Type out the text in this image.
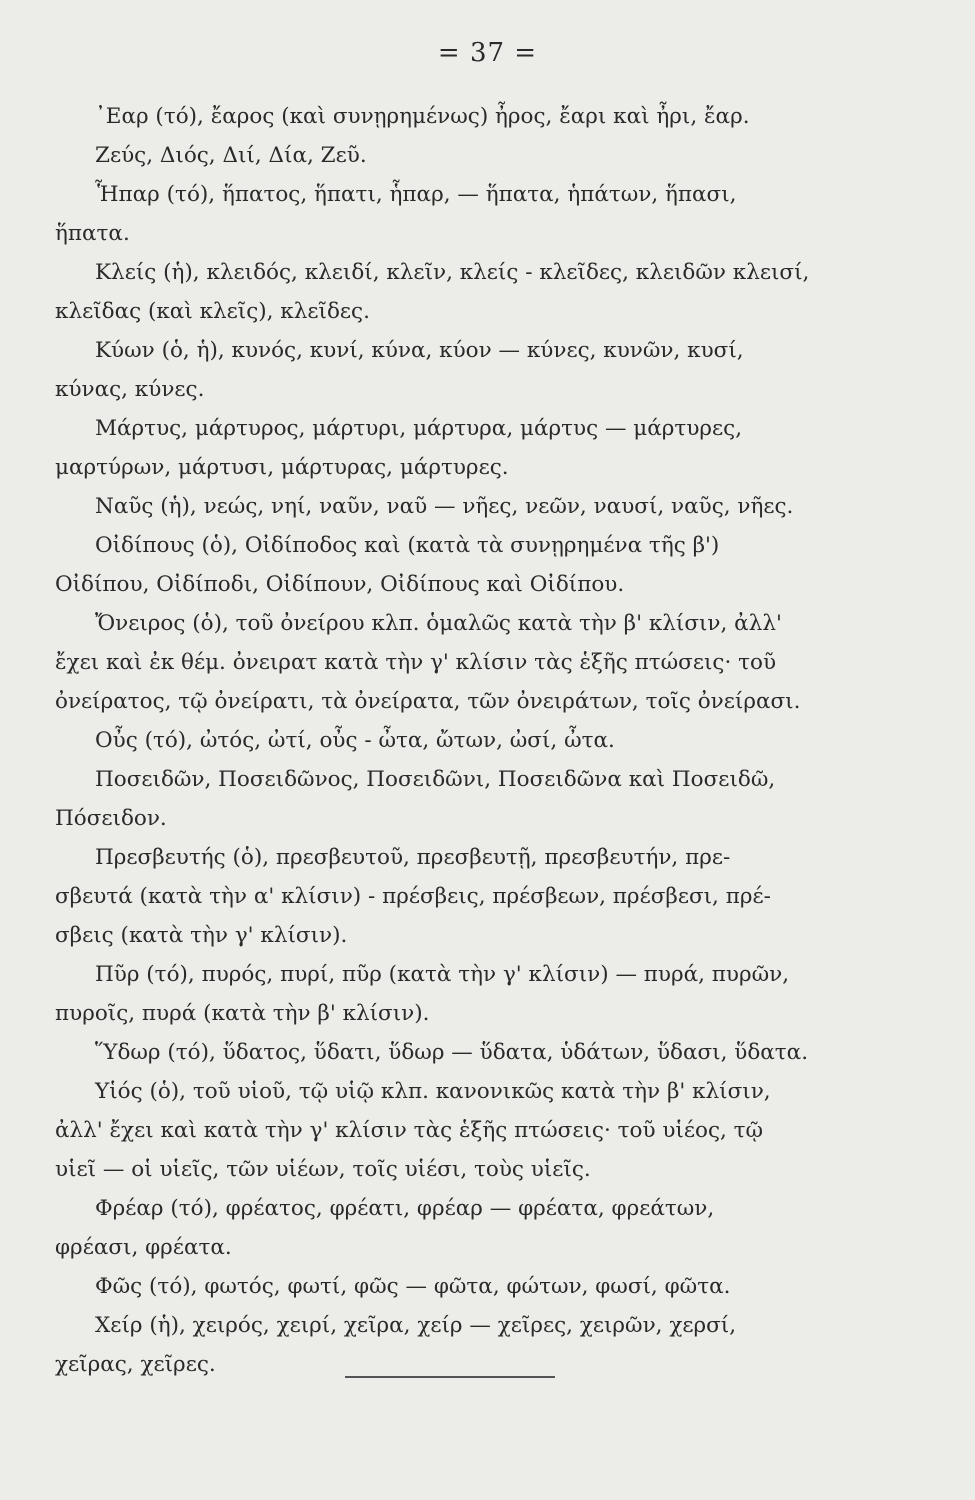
= 37 =
᾿Εαρ (τό), ἔαρος (καὶ συνῃρημένως) ἦρος, ἔαρι καὶ ἦρι, ἔαρ.
Ζεύς, Διός, Διί, Δία, Ζεῦ.
Ἧπαρ (τό), ἥπατος, ἥπατι, ἧπαρ, — ἥπατα, ἡπάτων, ἥπασι,
ἥπατα.
Κλείς (ἡ), κλειδός, κλειδί, κλεῖν, κλείς - κλεῖδες, κλειδῶν κλεισί,
κλεῖδας (καὶ κλεῖς), κλεῖδες.
Κύων (ὁ, ἡ), κυνός, κυνί, κύνα, κύον — κύνες, κυνῶν, κυσί,
κύνας, κύνες.
Μάρτυς, μάρτυρος, μάρτυρι, μάρτυρα, μάρτυς — μάρτυρες,
μαρτύρων, μάρτυσι, μάρτυρας, μάρτυρες.
Ναῦς (ἡ), νεώς, νηί, ναῦν, ναῦ — νῆες, νεῶν, ναυσί, ναῦς, νῆες.
Οἰδίπους (ὁ), Οἰδίποδος καὶ (κατὰ τὰ συνῃρημένα τῆς β')
Οἰδίπου, Οἰδίποδι, Οἰδίπουν, Οἰδίπους καὶ Οἰδίπου.
Ὄνειρος (ὁ), τοῦ ὀνείρου κλπ. ὁμαλῶς κατὰ τὴν β' κλίσιν, ἀλλ'
ἔχει καὶ ἐκ θέμ. ὀνειρατ κατὰ τὴν γ' κλίσιν τὰς ἑξῆς πτώσεις· τοῦ
ὀνείρατος, τῷ ὀνείρατι, τὰ ὀνείρατα, τῶν ὀνειράτων, τοῖς ὀνείρασι.
Οὖς (τό), ὠτός, ὠτί, οὖς - ὦτα, ὤτων, ὠσί, ὦτα.
Ποσειδῶν, Ποσειδῶνος, Ποσειδῶνι, Ποσειδῶνα καὶ Ποσειδῶ,
Πόσειδον.
Πρεσβευτής (ὁ), πρεσβευτοῦ, πρεσβευτῇ, πρεσβευτήν, πρε-
σβευτά (κατὰ τὴν α' κλίσιν) - πρέσβεις, πρέσβεων, πρέσβεσι, πρέ-
σβεις (κατὰ τὴν γ' κλίσιν).
Πῦρ (τό), πυρός, πυρί, πῦρ (κατὰ τὴν γ' κλίσιν) — πυρά, πυρῶν,
πυροῖς, πυρά (κατὰ τὴν β' κλίσιν).
Ὕδωρ (τό), ὕδατος, ὕδατι, ὕδωρ — ὕδατα, ὑδάτων, ὕδασι, ὕδατα.
Υἱός (ὁ), τοῦ υἱοῦ, τῷ υἱῷ κλπ. κανονικῶς κατὰ τὴν β' κλίσιν,
ἀλλ' ἔχει καὶ κατὰ τὴν γ' κλίσιν τὰς ἑξῆς πτώσεις· τοῦ υἱέος, τῷ
υἱεῖ — οἱ υἱεῖς, τῶν υἱέων, τοῖς υἱέσι, τοὺς υἱεῖς.
Φρέαρ (τό), φρέατος, φρέατι, φρέαρ — φρέατα, φρεάτων,
φρέασι, φρέατα.
Φῶς (τό), φωτός, φωτί, φῶς — φῶτα, φώτων, φωσί, φῶτα.
Χείρ (ἡ), χειρός, χειρί, χεῖρα, χείρ — χεῖρες, χειρῶν, χερσί,
χεῖρας, χεῖρες.
